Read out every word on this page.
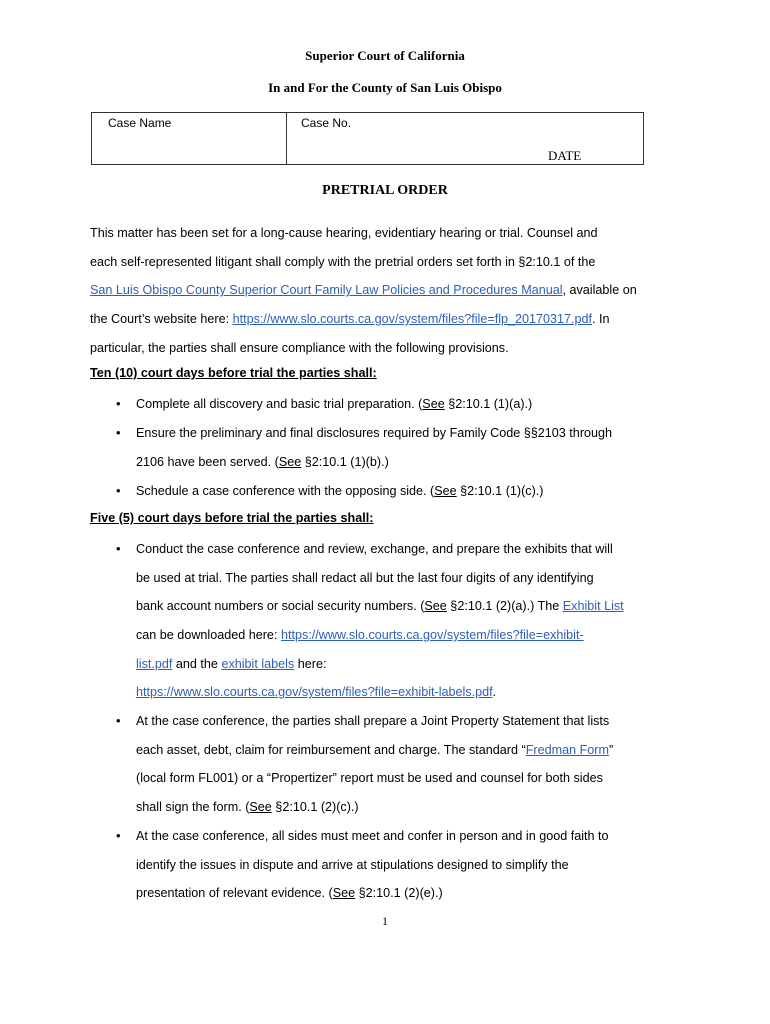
Superior Court of California
In and For the County of San Luis Obispo
Case Name	Case No.
DATE
PRETRIAL ORDER
This matter has been set for a long-cause hearing, evidentiary hearing or trial. Counsel and
each self-represented litigant shall comply with the pretrial orders set forth in §2:10.1 of the
San Luis Obispo County Superior Court Family Law Policies and Procedures Manual, available on
the Court’s website here: https://www.slo.courts.ca.gov/system/files?file=flp_20170317.pdf. In
particular, the parties shall ensure compliance with the following provisions.
Ten (10) court days before trial the parties shall:
• Complete all discovery and basic trial preparation. (See §2:10.1 (1)(a).)
• Ensure the preliminary and final disclosures required by Family Code §§2103 through
2106 have been served. (See §2:10.1 (1)(b).)
• Schedule a case conference with the opposing side. (See §2:10.1 (1)(c).)
Five (5) court days before trial the parties shall:
• Conduct the case conference and review, exchange, and prepare the exhibits that will
be used at trial. The parties shall redact all but the last four digits of any identifying
bank account numbers or social security numbers. (See §2:10.1 (2)(a).) The Exhibit List
can be downloaded here: https://www.slo.courts.ca.gov/system/files?file=exhibit-
list.pdf and the exhibit labels here:
https://www.slo.courts.ca.gov/system/files?file=exhibit-labels.pdf.
• At the case conference, the parties shall prepare a Joint Property Statement that lists
each asset, debt, claim for reimbursement and charge. The standard “Fredman Form”
(local form FL001) or a “Propertizer” report must be used and counsel for both sides
shall sign the form. (See §2:10.1 (2)(c).)
• At the case conference, all sides must meet and confer in person and in good faith to
identify the issues in dispute and arrive at stipulations designed to simplify the
presentation of relevant evidence. (See §2:10.1 (2)(e).)
1
